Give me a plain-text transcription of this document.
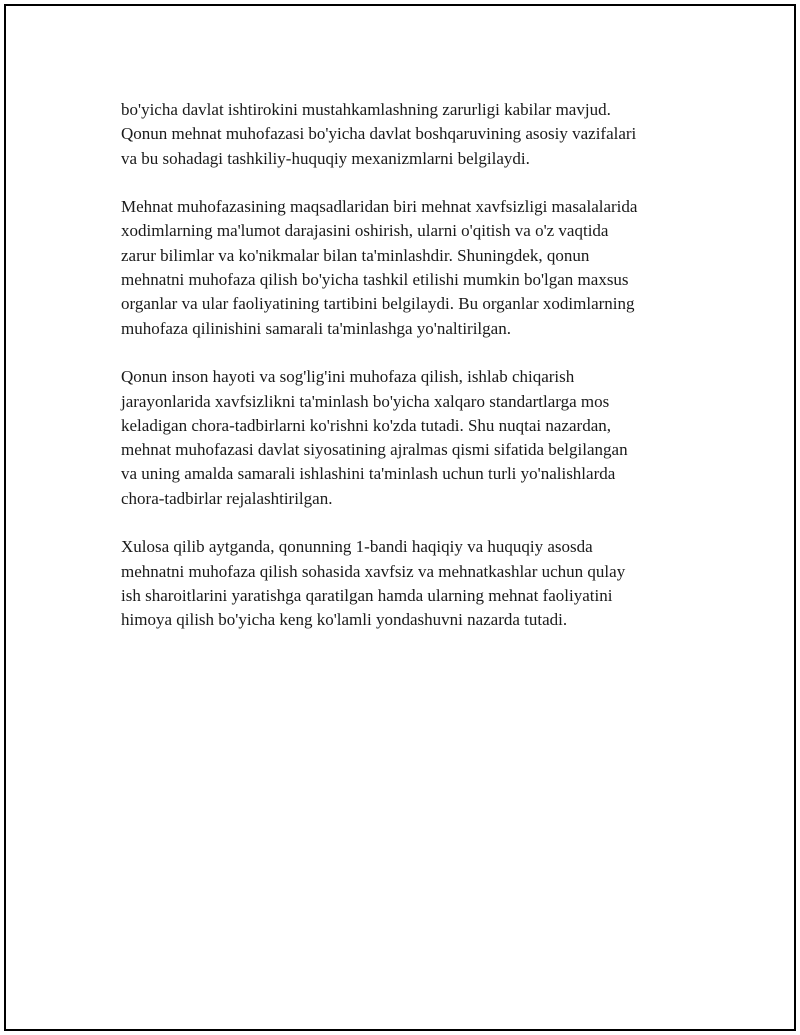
bo'yicha davlat ishtirokini mustahkamlashning zarurligi kabilar mavjud.
Qonun mehnat muhofazasi bo'yicha davlat boshqaruvining asosiy vazifalari
va bu sohadagi tashkiliy-huquqiy mexanizmlarni belgilaydi.

Mehnat muhofazasining maqsadlaridan biri mehnat xavfsizligi masalalarida
xodimlarning ma'lumot darajasini oshirish, ularni o'qitish va o'z vaqtida
zarur bilimlar va ko'nikmalar bilan ta'minlashdir. Shuningdek, qonun
mehnatni muhofaza qilish bo'yicha tashkil etilishi mumkin bo'lgan maxsus
organlar va ular faoliyatining tartibini belgilaydi. Bu organlar xodimlarning
muhofaza qilinishini samarali ta'minlashga yo'naltirilgan.

Qonun inson hayoti va sog'lig'ini muhofaza qilish, ishlab chiqarish
jarayonlarida xavfsizlikni ta'minlash bo'yicha xalqaro standartlarga mos
keladigan chora-tadbirlarni ko'rishni ko'zda tutadi. Shu nuqtai nazardan,
mehnat muhofazasi davlat siyosatining ajralmas qismi sifatida belgilangan
va uning amalda samarali ishlashini ta'minlash uchun turli yo'nalishlarda
chora-tadbirlar rejalashtirilgan.

Xulosa qilib aytganda, qonunning 1-bandi haqiqiy va huquqiy asosda
mehnatni muhofaza qilish sohasida xavfsiz va mehnatkashlar uchun qulay
ish sharoitlarini yaratishga qaratilgan hamda ularning mehnat faoliyatini
himoya qilish bo'yicha keng ko'lamli yondashuvni nazarda tutadi.
